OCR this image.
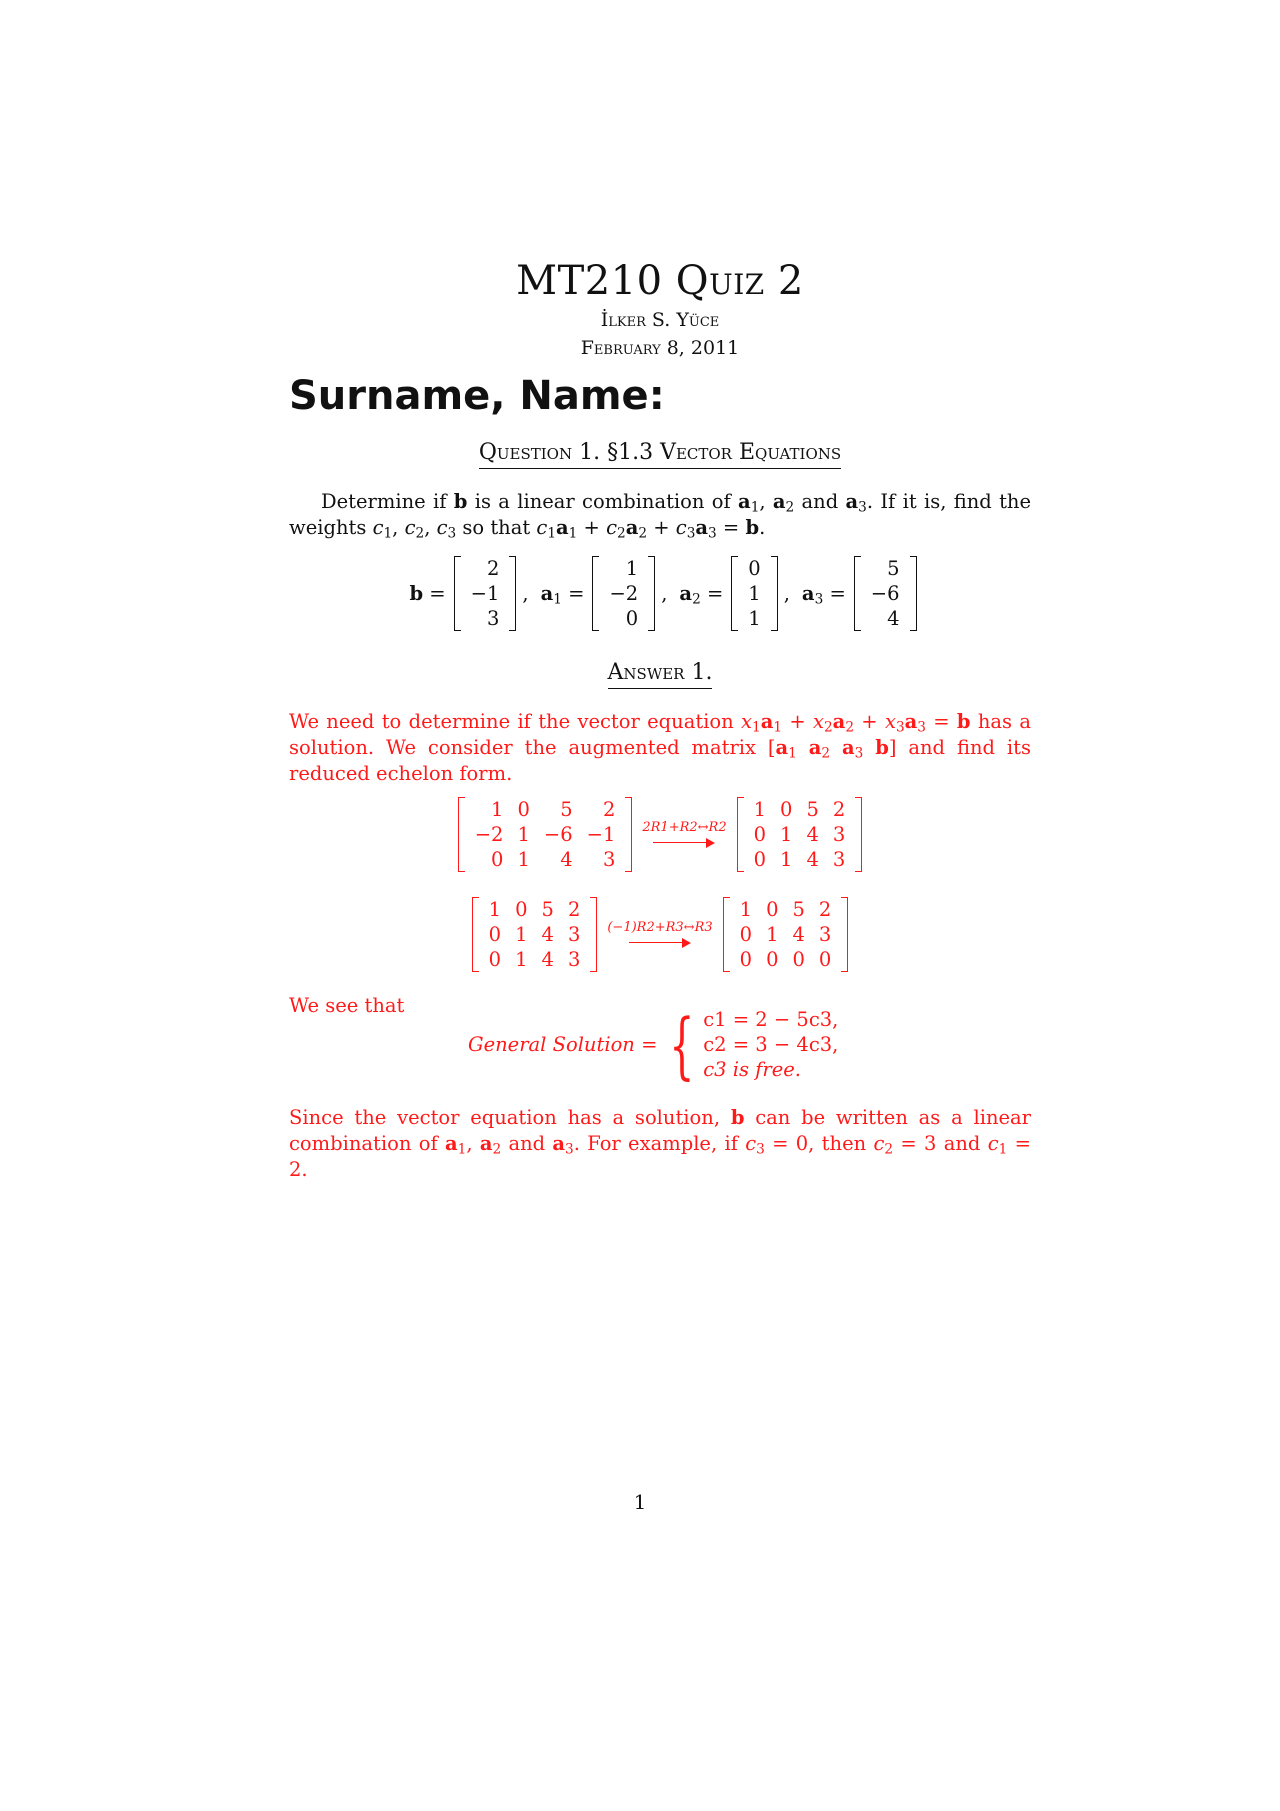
MT210 Quiz 2
İlker S. Yüce
February 8, 2011
Surname, Name:
Question 1. §1.3 Vector Equations
Determine if b is a linear combination of $a_1$, $a_2$ and $a_3$. If it is, find the weights $c_1$, $c_2$, $c_3$ so that $c_1a_1 + c_2a_2 + c_3a_3 = b$.
b =
2
−1
3
, $a_1$ =
1
−2
0
, $a_2$ =
0
1
1
, $a_3$ =
5
−6
4
Answer 1.
We need to determine if the vector equation $x_1a_1 + x_2a_2 + x_3a_3 = b$ has a solution. We consider the augmented matrix [$a_1$ $a_2$ $a_3$ b] and find its reduced echelon form.
1	0	5	2
−2	1	−6	−1
0	1	4	3
2R1+R2↔R2
1	0	5	2
0	1	4	3
0	1	4	3
1	0	5	2
0	1	4	3
0	1	4	3
(−1)R2+R3↔R3
1	0	5	2
0	1	4	3
0	0	0	0
We see that
General Solution = { c1 = 2 − 5c3,
c2 = 3 − 4c3,
c3 is free.
Since the vector equation has a solution, b can be written as a linear combination of $a_1$, $a_2$ and $a_3$. For example, if $c_3 = 0$, then $c_2 = 3$ and $c_1 = 2$.
1
